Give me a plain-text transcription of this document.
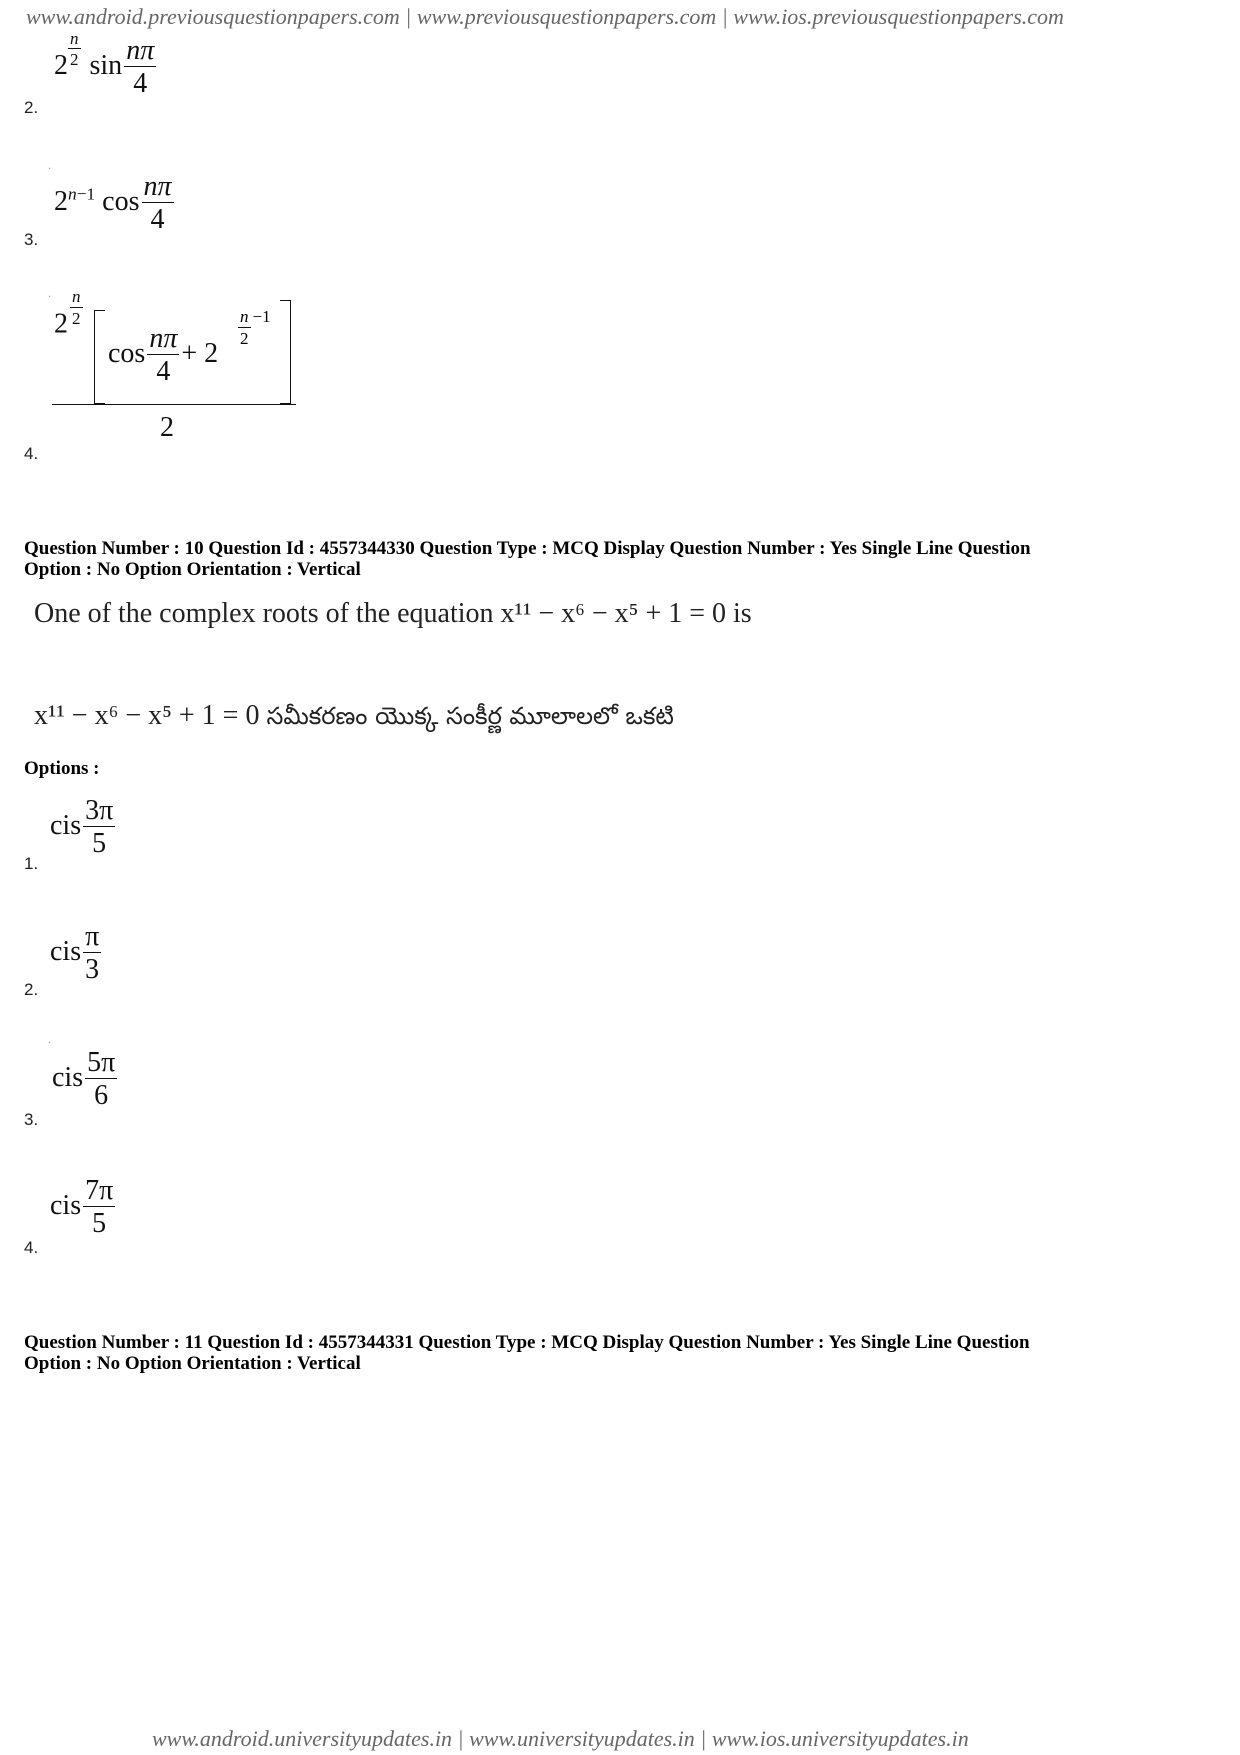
www.android.previousquestionpapers.com | www.previousquestionpapers.com | www.ios.previousquestionpapers.com
2.
$2 \frac{n}{2}$ $\sin \frac{n\pi}{4}$
.
3.
$2^{n-1}$ $\cos \frac{n\pi}{4}$
.
4.
$2 \frac{n}{2}$
$\cos \frac{n\pi}{4} + 2$
$\frac{n}{2} -1$
2
Question Number : 10 Question Id : 4557344330 Question Type : MCQ Display Question Number : Yes Single Line Question
Option : No Option Orientation : Vertical
One of the complex roots of the equation x¹¹ − x⁶ − x⁵ + 1 = 0 is
x¹¹ − x⁶ − x⁵ + 1 = 0 సమీకరణం యొక్క సంకీర్ణ మూలాలలో ఒకటి
Options :
1.
cis $\frac{3\pi}{5}$
2.
cis $\frac{\pi}{3}$
.
3.
cis $\frac{5\pi}{6}$
4.
cis $\frac{7\pi}{5}$
Question Number : 11 Question Id : 4557344331 Question Type : MCQ Display Question Number : Yes Single Line Question
Option : No Option Orientation : Vertical
www.android.universityupdates.in | www.universityupdates.in | www.ios.universityupdates.in
